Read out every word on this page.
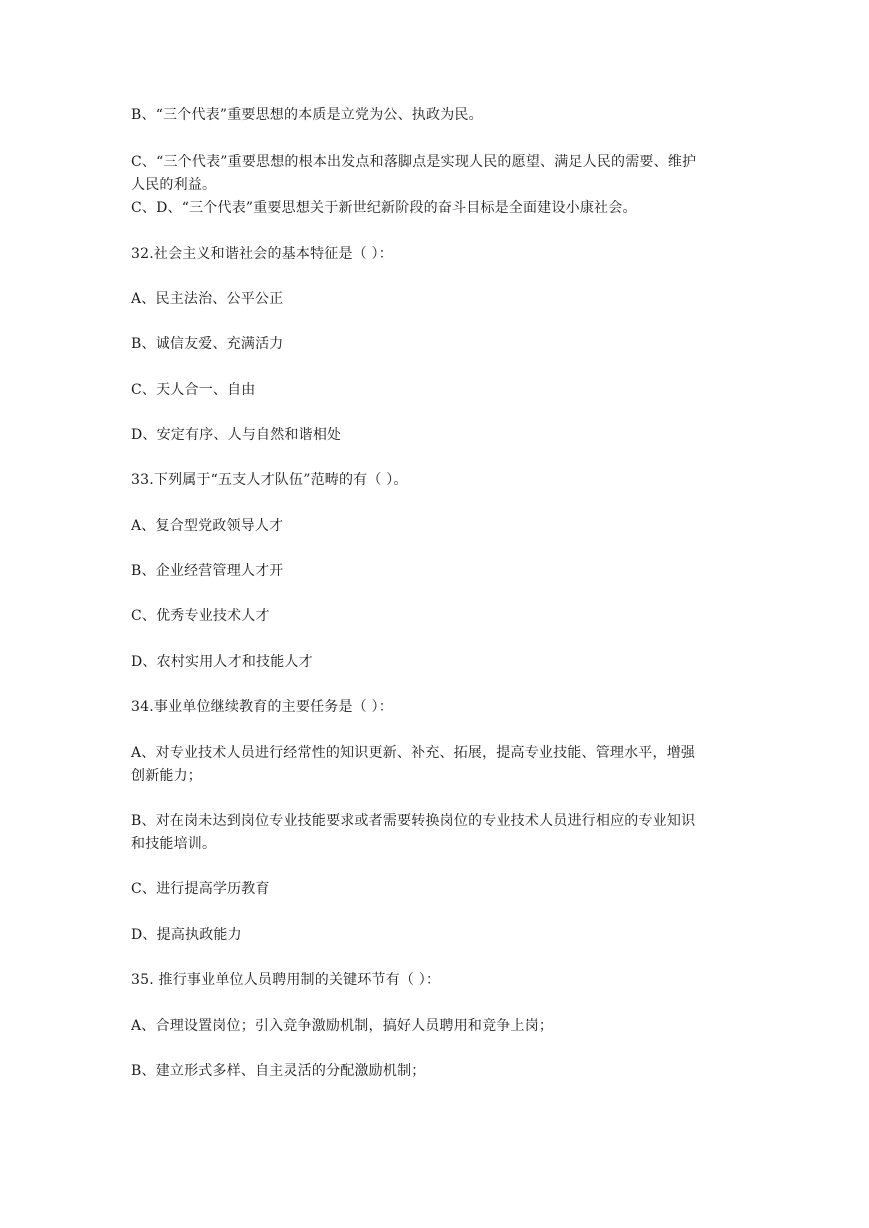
B、“三个代表”重要思想的本质是立党为公、执政为民。
C、“三个代表”重要思想的根本出发点和落脚点是实现人民的愿望、满足人民的需要、维护
人民的利益。
C、D、“三个代表”重要思想关于新世纪新阶段的奋斗目标是全面建设小康社会。
32.社会主义和谐社会的基本特征是（ ）：
A、民主法治、公平公正
B、诚信友爱、充满活力
C、天人合一、自由
D、安定有序、人与自然和谐相处
33.下列属于“五支人才队伍”范畴的有（ ）。
A、复合型党政领导人才
B、企业经营管理人才开
C、优秀专业技术人才
D、农村实用人才和技能人才
34.事业单位继续教育的主要任务是（ ）：
A、对专业技术人员进行经常性的知识更新、补充、拓展，提高专业技能、管理水平，增强
创新能力；
B、对在岗未达到岗位专业技能要求或者需要转换岗位的专业技术人员进行相应的专业知识
和技能培训。
C、进行提高学历教育
D、提高执政能力
35. 推行事业单位人员聘用制的关键环节有（ ）：
A、合理设置岗位；引入竞争激励机制，搞好人员聘用和竞争上岗；
B、建立形式多样、自主灵活的分配激励机制；
